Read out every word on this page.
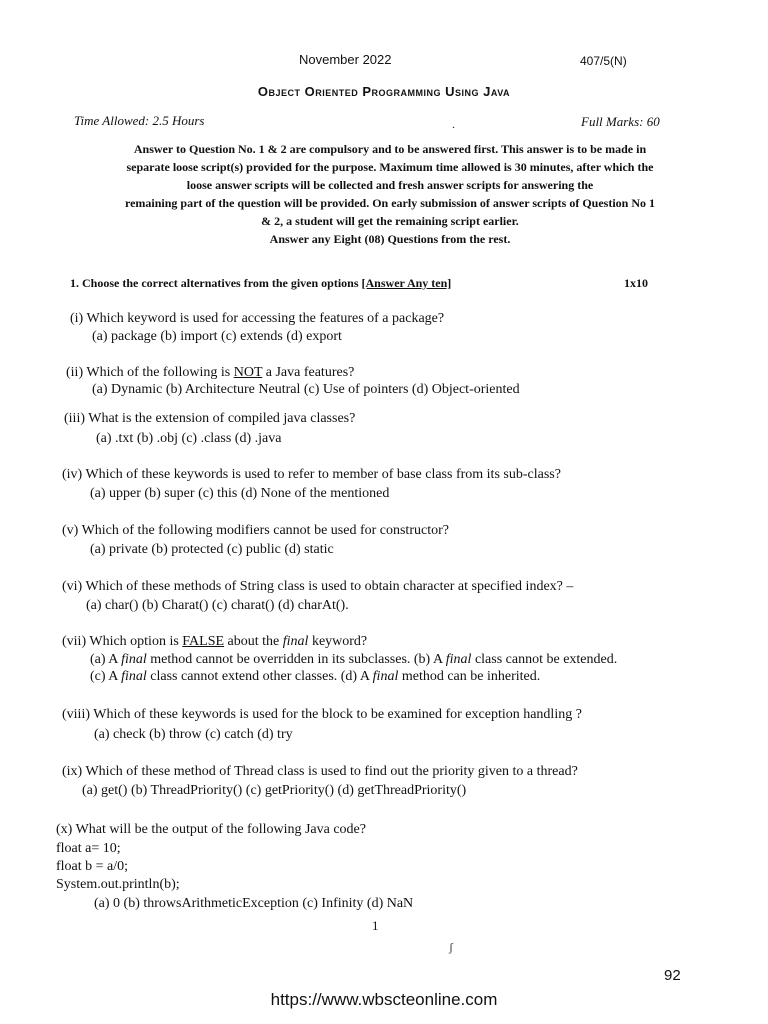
November 2022	407/5(N)
Object Oriented Programming Using Java
Time Allowed: 2.5 Hours	.	Full Marks: 60
Answer to Question No. 1 & 2 are compulsory and to be answered first. This answer is to be made in
separate loose script(s) provided for the purpose. Maximum time allowed is 30 minutes, after which the
loose answer scripts will be collected and fresh answer scripts for answering the
remaining part of the question will be provided. On early submission of answer scripts of Question No 1
& 2, a student will get the remaining script earlier.
Answer any Eight (08) Questions from the rest.
1. Choose the correct alternatives from the given options [Answer Any ten]	1x10
(i) Which keyword is used for accessing the features of a package?
(a) package (b) import (c) extends (d) export
(ii) Which of the following is NOT a Java features?
(a) Dynamic (b) Architecture Neutral (c) Use of pointers (d) Object-oriented
(iii) What is the extension of compiled java classes?
(a) .txt (b) .obj (c) .class (d) .java
(iv) Which of these keywords is used to refer to member of base class from its sub-class?
(a) upper (b) super (c) this (d) None of the mentioned
(v) Which of the following modifiers cannot be used for constructor?
(a) private (b) protected (c) public (d) static
(vi) Which of these methods of String class is used to obtain character at specified index? –
(a) char() (b) Charat() (c) charat() (d) charAt().
(vii) Which option is FALSE about the final keyword?
(a) A final method cannot be overridden in its subclasses. (b) A final class cannot be extended.
(c) A final class cannot extend other classes. (d) A final method can be inherited.
(viii) Which of these keywords is used for the block to be examined for exception handling ?
(a) check (b) throw (c) catch (d) try
(ix) Which of these method of Thread class is used to find out the priority given to a thread?
(a) get() (b) ThreadPriority() (c) getPriority() (d) getThreadPriority()
(x) What will be the output of the following Java code?
float a= 10;
float b = a/0;
System.out.println(b);
(a) 0 (b) throwsArithmeticException (c) Infinity (d) NaN
1
ʃ
92
https://www.wbscteonline.com
